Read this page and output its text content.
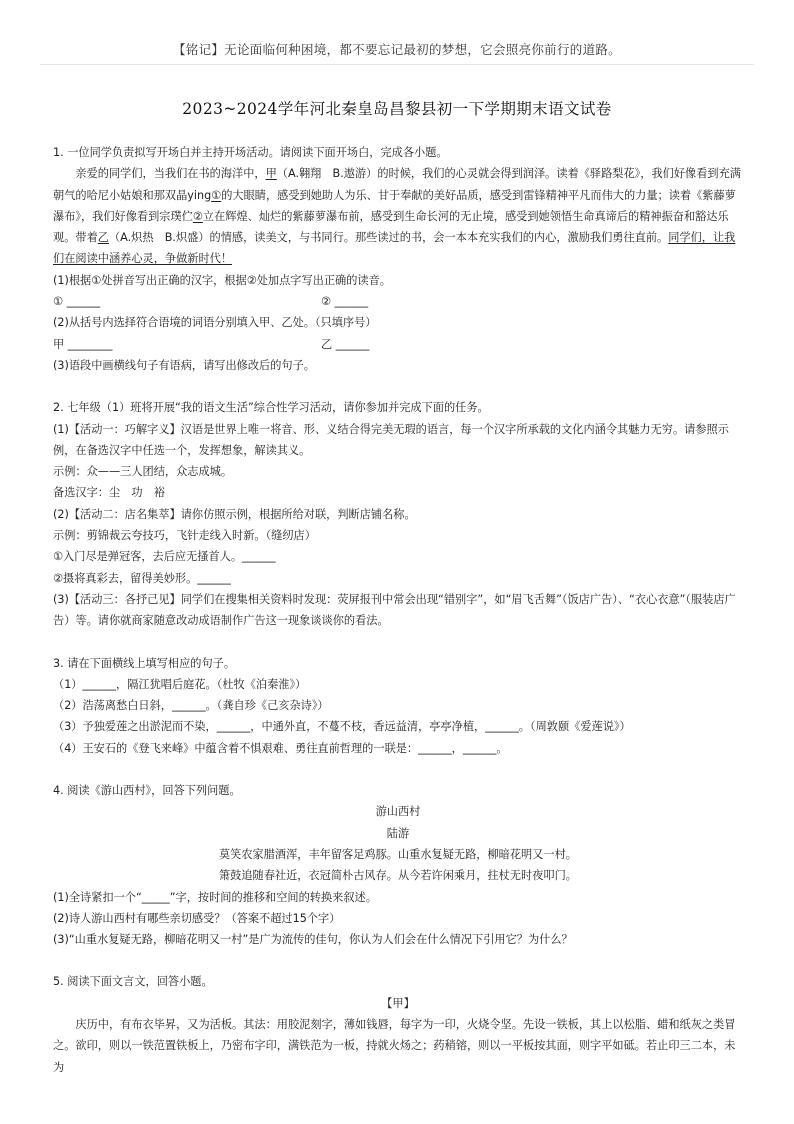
【铭记】无论面临何种困境，都不要忘记最初的梦想，它会照亮你前行的道路。
2023~2024学年河北秦皇岛昌黎县初一下学期期末语文试卷

1. 一位同学负责拟写开场白并主持开场活动。请阅读下面开场白，完成各小题。

亲爱的同学们，当我们在书的海洋中，甲（A.翱翔　B.遨游）的时候，我们的心灵就会得到润泽。读着《驿路梨花》，我们好像看到充满朝气的哈尼小姑娘和那双晶ying①的大眼睛，感受到她助人为乐、甘于奉献的美好品质，感受到雷锋精神平凡而伟大的力量；读着《紫藤萝瀑布》，我们好像看到宗璞伫②立在辉煌、灿烂的紫藤萝瀑布前，感受到生命长河的无止境，感受到她领悟生命真谛后的精神振奋和豁达乐观。带着乙（A.炽热　B.炽盛）的情感，读美文，与书同行。那些读过的书，会一本本充实我们的内心，激励我们勇往直前。同学们，让我们在阅读中涵养心灵，争做新时代！

(1)根据①处拼音写出正确的汉字，根据②处加点字写出正确的读音。

① ______	② ______

(2)从括号内选择符合语境的词语分别填入甲、乙处。（只填序号）

甲 ________	乙 ______

(3)语段中画横线句子有语病，请写出修改后的句子。

2. 七年级（1）班将开展“我的语文生活”综合性学习活动，请你参加并完成下面的任务。

(1)【活动一：巧解字义】汉语是世界上唯一将音、形、义结合得完美无瑕的语言，每一个汉字所承载的文化内涵令其魅力无穷。请参照示例，在备选汉字中任选一个，发挥想象，解读其义。

示例：众——三人团结，众志成城。

备选汉字：尘　功　裕

(2)【活动二：店名集萃】请你仿照示例，根据所给对联，判断店铺名称。

示例：剪锦裁云夸技巧，飞针走线入时新。（缝纫店）

①入门尽是弹冠客，去后应无搔首人。______

②摄将真彩去，留得美妙形。______

(3)【活动三：各抒己见】同学们在搜集相关资料时发现：荧屏报刊中常会出现“错别字”，如“眉飞舌舞”（饭店广告）、“衣心衣意”（服装店广告）等。请你就商家随意改动成语制作广告这一现象谈谈你的看法。

3. 请在下面横线上填写相应的句子。

（1）______，隔江犹唱后庭花。（杜牧《泊秦淮》）

（2）浩荡离愁白日斜，______。（龚自珍《己亥杂诗》）

（3）予独爱莲之出淤泥而不染，______，中通外直，不蔓不枝，香远益清，亭亭净植，______。（周敦颐《爱莲说》）

（4）王安石的《登飞来峰》中蕴含着不惧艰难、勇往直前哲理的一联是：______，______。

4. 阅读《游山西村》，回答下列问题。

游山西村

陆游

莫笑农家腊酒浑，丰年留客足鸡豚。山重水复疑无路，柳暗花明又一村。

箫鼓追随春社近，衣冠简朴古风存。从今若许闲乘月，拄杖无时夜叩门。

(1)全诗紧扣一个“_____”字，按时间的推移和空间的转换来叙述。

(2)诗人游山西村有哪些亲切感受？（答案不超过15个字）

(3)“山重水复疑无路，柳暗花明又一村”是广为流传的佳句，你认为人们会在什么情况下引用它？为什么？

5. 阅读下面文言文，回答小题。

【甲】

庆历中，有布衣毕昇，又为活板。其法：用胶泥刻字，薄如钱唇，每字为一印，火烧令坚。先设一铁板，其上以松脂、蜡和纸灰之类冒之。欲印，则以一铁范置铁板上，乃密布字印，满铁范为一板，持就火炀之；药稍镕，则以一平板按其面，则字平如砥。若止印三二本，未为
